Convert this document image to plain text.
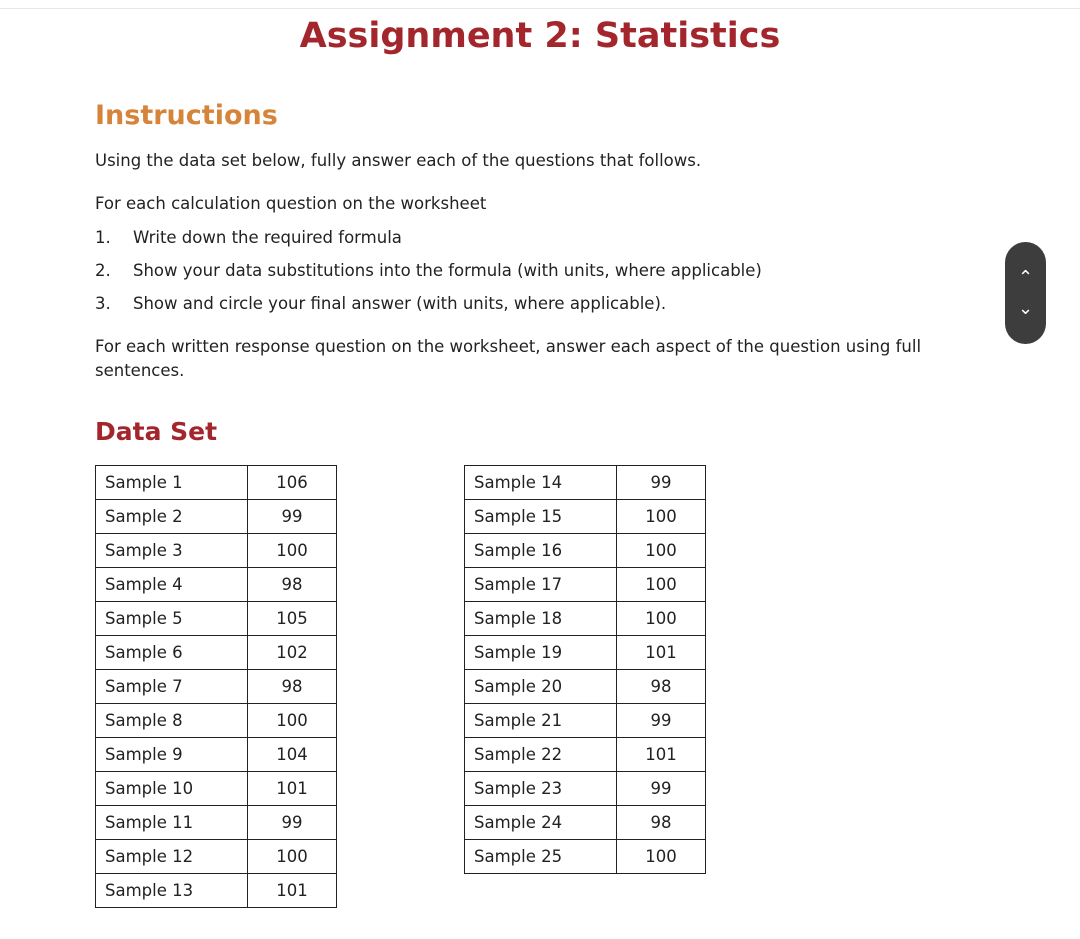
Assignment 2: Statistics
Instructions
Using the data set below, fully answer each of the questions that follows.
For each calculation question on the worksheet
1. Write down the required formula
2. Show your data substitutions into the formula (with units, where applicable)
3. Show and circle your final answer (with units, where applicable).
For each written response question on the worksheet, answer each aspect of the question using full
sentences.
Data Set
Sample 1	106
Sample 2	99
Sample 3	100
Sample 4	98
Sample 5	105
Sample 6	102
Sample 7	98
Sample 8	100
Sample 9	104
Sample 10	101
Sample 11	99
Sample 12	100
Sample 13	101
Sample 14	99
Sample 15	100
Sample 16	100
Sample 17	100
Sample 18	100
Sample 19	101
Sample 20	98
Sample 21	99
Sample 22	101
Sample 23	99
Sample 24	98
Sample 25	100
⌃
⌄
